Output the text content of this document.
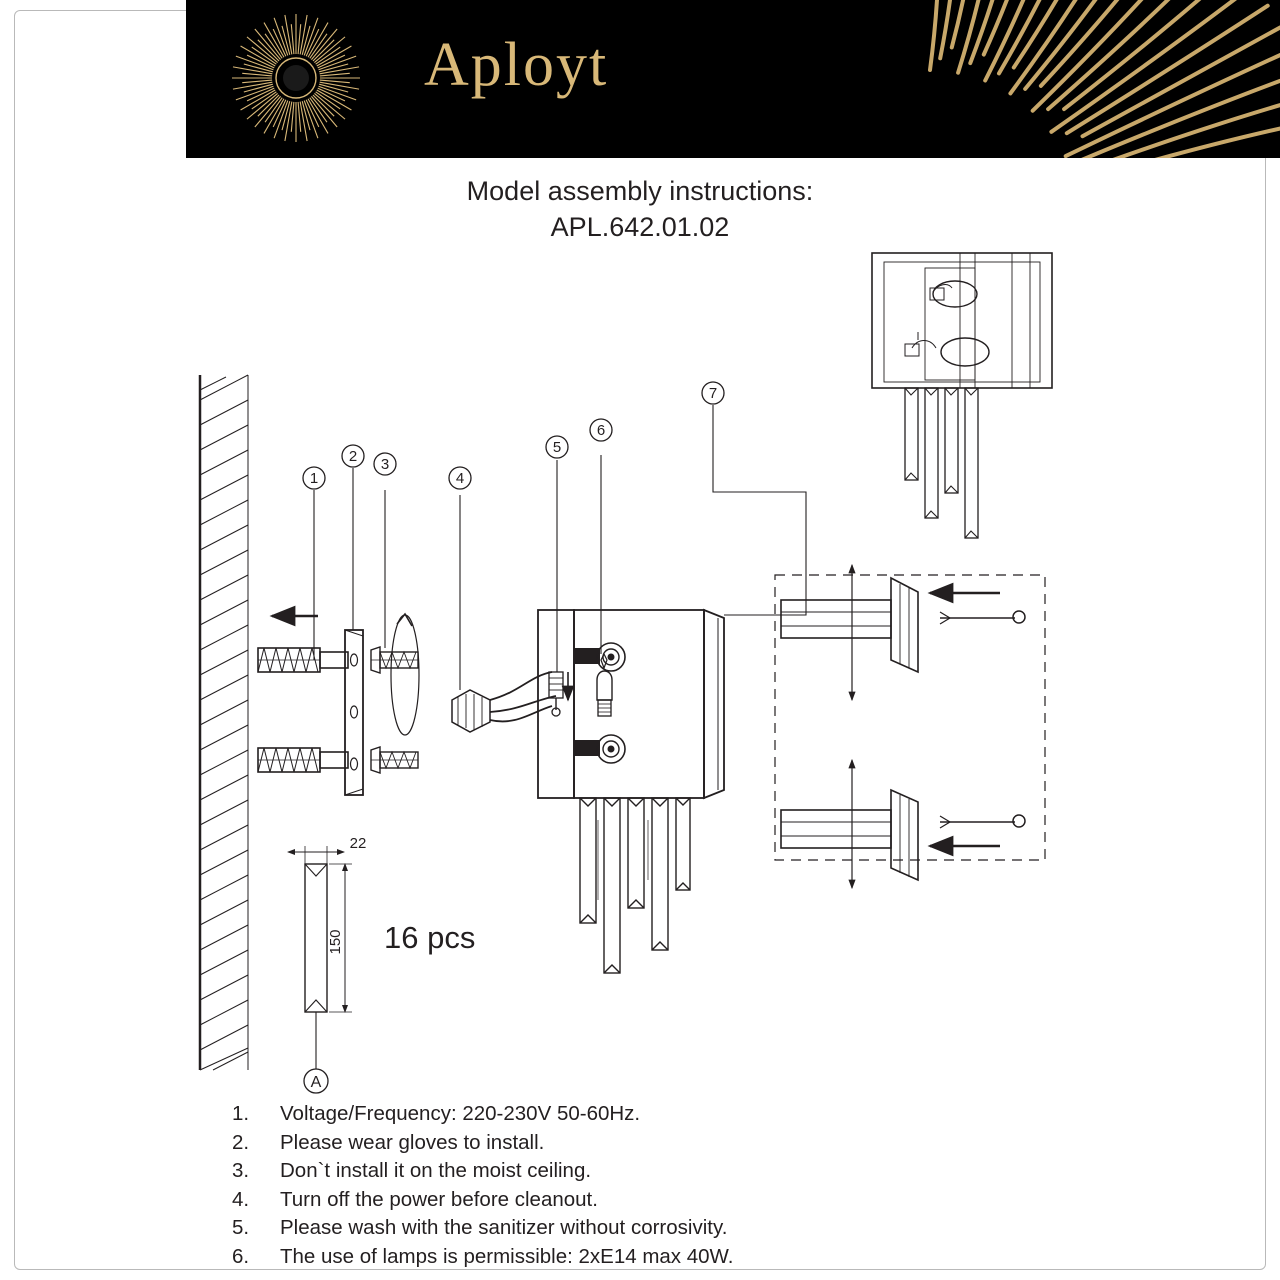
Aployt
Model assembly instructions:
APL.642.01.02
1
2 3
4
5
6
7
A
22
150 16 pcs
1.	Voltage/Frequency: 220-230V 50-60Hz.
2.	Please wear gloves to install.
3.	Don`t install it on the moist ceiling.
4.	Turn off the power before cleanout.
5.	Please wash with the sanitizer without corrosivity.
6.	The use of lamps is permissible: 2xE14 max 40W.
